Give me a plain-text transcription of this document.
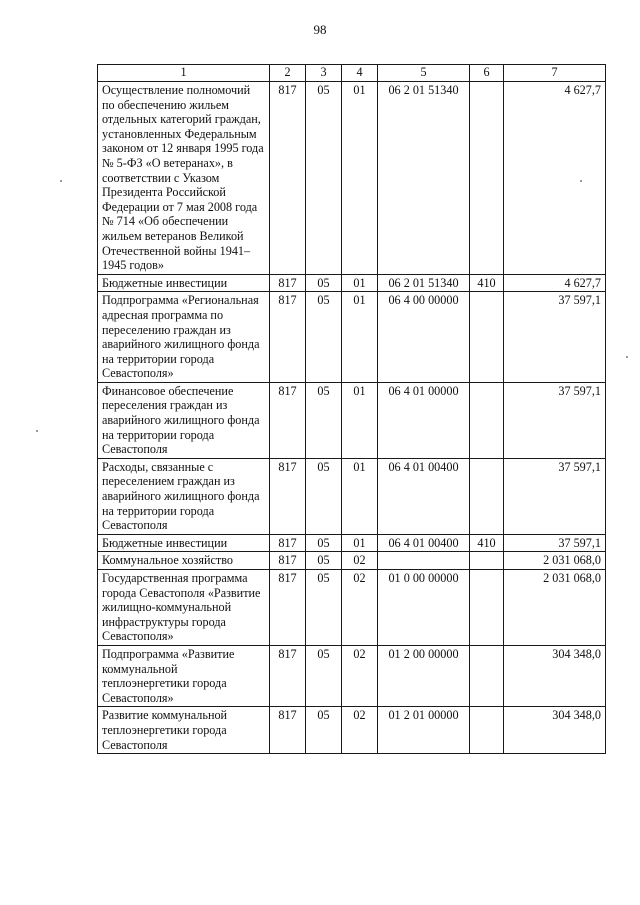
98
1	2	3	4	5	6	7
Осуществление полномочий по обеспечению жильем отдельных категорий граждан, установленных Федеральным законом от 12 января 1995 года № 5-ФЗ «О ветеранах», в соответствии с Указом Президента Российской Федерации от 7 мая 2008 года № 714 «Об обеспечении жильем ветеранов Великой Отечественной войны 1941–1945 годов»	817	05	01	06 2 01 51340		4 627,7
Бюджетные инвестиции	817	05	01	06 2 01 51340	410	4 627,7
Подпрограмма «Региональная адресная программа по переселению граждан из аварийного жилищного фонда на территории города Севастополя»	817	05	01	06 4 00 00000		37 597,1
Финансовое обеспечение переселения граждан из аварийного жилищного фонда на территории города Севастополя	817	05	01	06 4 01 00000		37 597,1
Расходы, связанные с переселением граждан из аварийного жилищного фонда на территории города Севастополя	817	05	01	06 4 01 00400		37 597,1
Бюджетные инвестиции	817	05	01	06 4 01 00400	410	37 597,1
Коммунальное хозяйство	817	05	02			2 031 068,0
Государственная программа города Севастополя «Развитие жилищно-коммунальной инфраструктуры города Севастополя»	817	05	02	01 0 00 00000		2 031 068,0
Подпрограмма «Развитие коммунальной теплоэнергетики города Севастополя»	817	05	02	01 2 00 00000		304 348,0
Развитие коммунальной теплоэнергетики города Севастополя	817	05	02	01 2 01 00000		304 348,0
